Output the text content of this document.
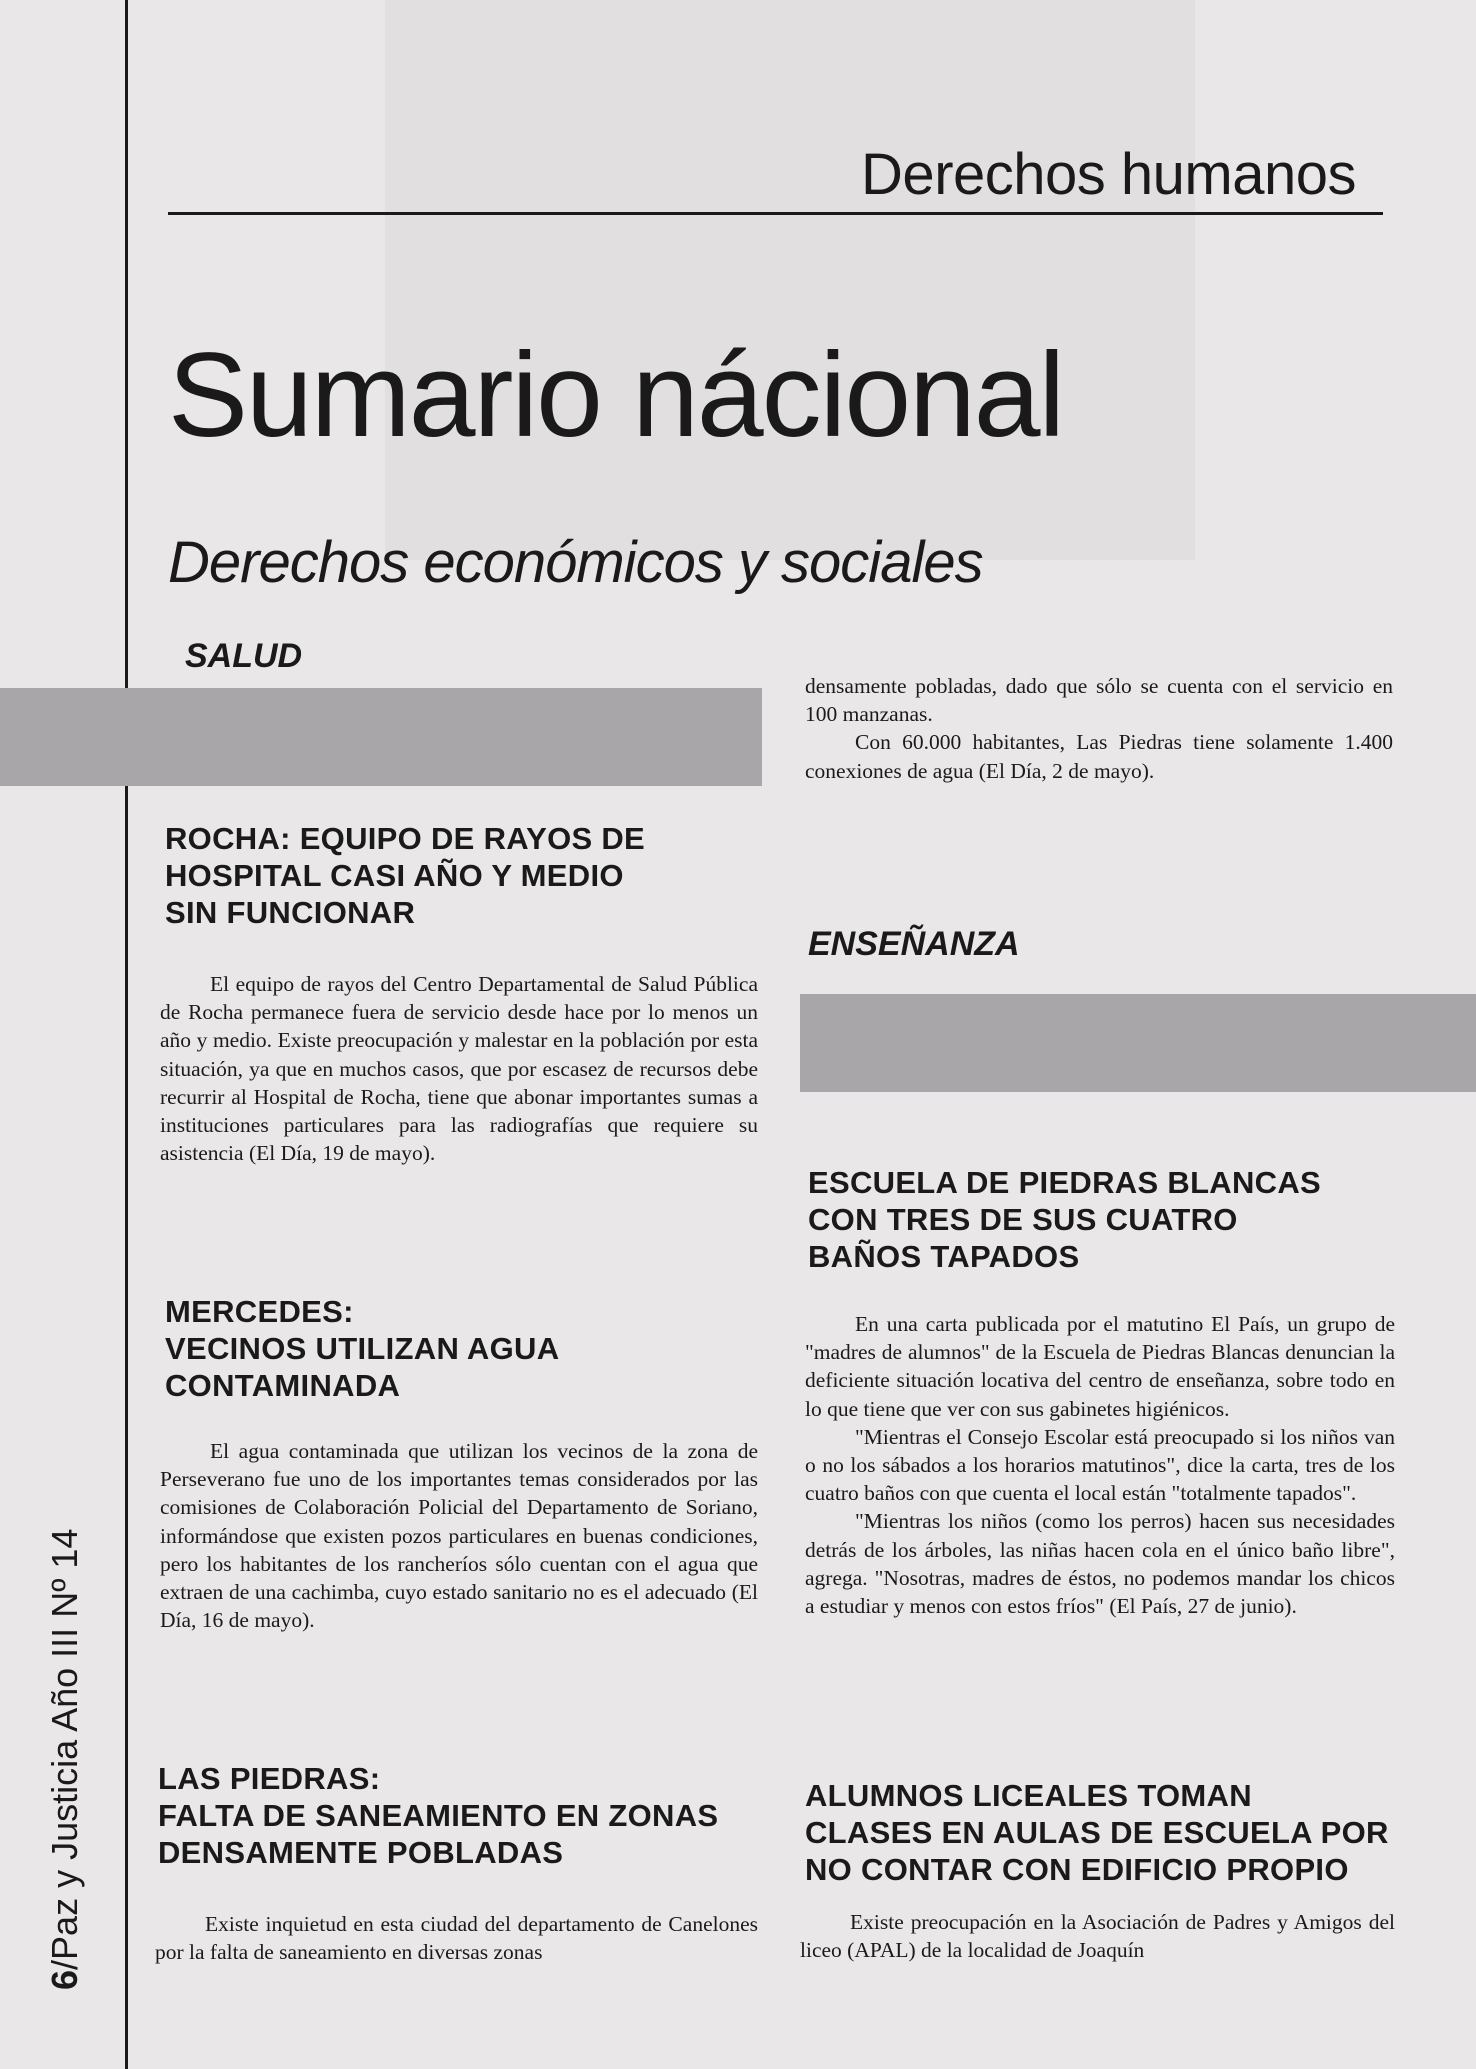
6/Paz y Justicia Año III Nº 14
Derechos humanos
Sumario nácional
Derechos económicos y sociales
SALUD
ROCHA: EQUIPO DE RAYOS DE
HOSPITAL CASI AÑO Y MEDIO
SIN FUNCIONAR

El equipo de rayos del Centro Departamental de Salud Pública de Rocha permanece fuera de servicio desde hace por lo menos un año y medio. Existe preocupación y malestar en la población por esta situación, ya que en muchos casos, que por escasez de recursos debe recurrir al Hospital de Rocha, tiene que abonar importantes sumas a instituciones particulares para las radiografías que requiere su asistencia (El Día, 19 de mayo).

MERCEDES:
VECINOS UTILIZAN AGUA
CONTAMINADA

El agua contaminada que utilizan los vecinos de la zona de Perseverano fue uno de los importantes temas considerados por las comisiones de Colaboración Policial del Departamento de Soriano, informándose que existen pozos particulares en buenas condiciones, pero los habitantes de los rancheríos sólo cuentan con el agua que extraen de una cachimba, cuyo estado sanitario no es el adecuado (El Día, 16 de mayo).

LAS PIEDRAS:
FALTA DE SANEAMIENTO EN ZONAS
DENSAMENTE POBLADAS

Existe inquietud en esta ciudad del departamento de Canelones por la falta de saneamiento en diversas zonas

densamente pobladas, dado que sólo se cuenta con el servicio en 100 manzanas.

Con 60.000 habitantes, Las Piedras tiene solamente 1.400 conexiones de agua (El Día, 2 de mayo).

ENSEÑANZA
ESCUELA DE PIEDRAS BLANCAS
CON TRES DE SUS CUATRO
BAÑOS TAPADOS

En una carta publicada por el matutino El País, un grupo de "madres de alumnos" de la Escuela de Piedras Blancas denuncian la deficiente situación locativa del centro de enseñanza, sobre todo en lo que tiene que ver con sus gabinetes higiénicos.

"Mientras el Consejo Escolar está preocupado si los niños van o no los sábados a los horarios matutinos", dice la carta, tres de los cuatro baños con que cuenta el local están "totalmente tapados".

"Mientras los niños (como los perros) hacen sus necesidades detrás de los árboles, las niñas hacen cola en el único baño libre", agrega. "Nosotras, madres de éstos, no podemos mandar los chicos a estudiar y menos con estos fríos" (El País, 27 de junio).

ALUMNOS LICEALES TOMAN
CLASES EN AULAS DE ESCUELA POR
NO CONTAR CON EDIFICIO PROPIO

Existe preocupación en la Asociación de Padres y Amigos del liceo (APAL) de la localidad de Joaquín
